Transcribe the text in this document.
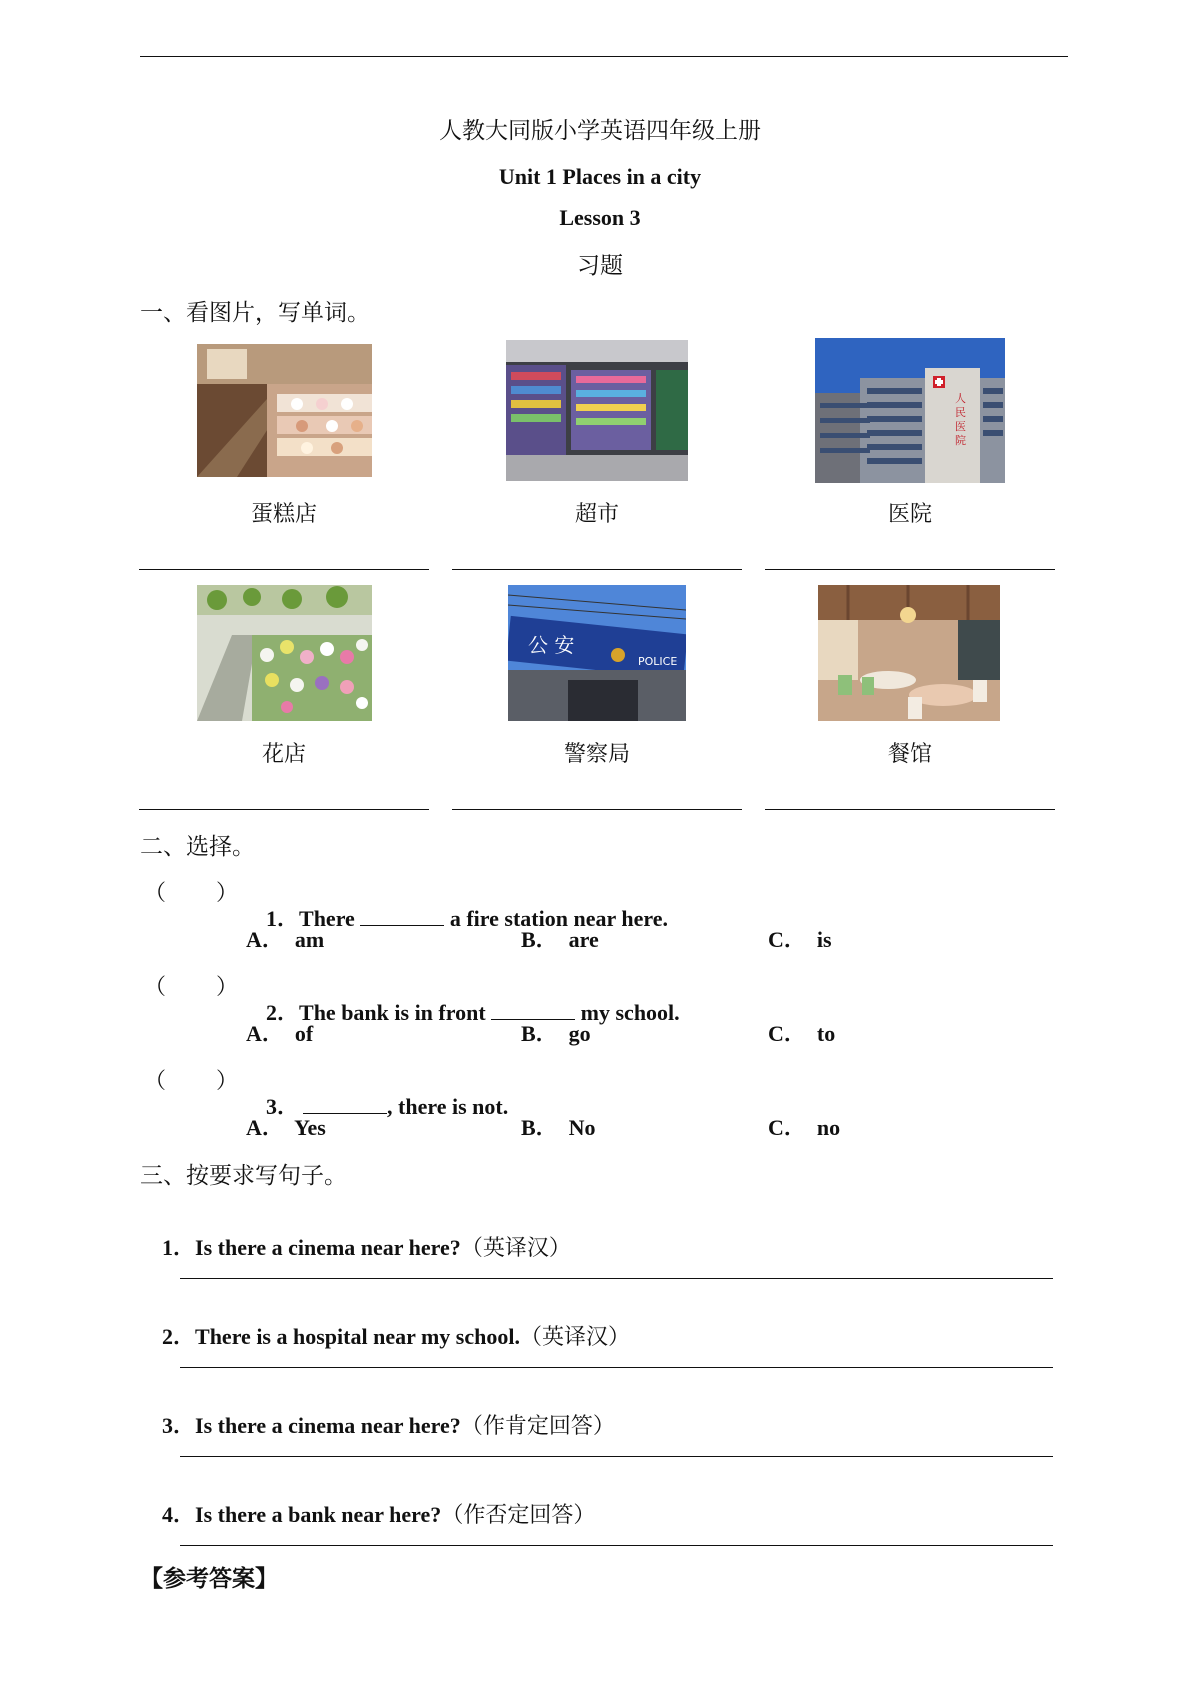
人教大同版小学英语四年级上册
Unit 1 Places in a city
Lesson 3
习题
一、看图片，写单词。
人民医院
蛋糕店	超市	医院
公 安
POLICE
花店	警察局	餐馆
二、选择。
（ ）

1．There	a fire station near here.

A．  am	B．  are	C．  is
（ ）

2．The bank is in front	my school.

A．  of	B．  go	C．  to
（ ）

3．	, there is not.

A．  Yes	B．  No	C．  no
三、按要求写句子。

1．Is there a cinema near here?（英译汉）

2．There is a hospital near my school.（英译汉）

3．Is there a cinema near here?（作肯定回答）

4．Is there a bank near here?（作否定回答）

【参考答案】
